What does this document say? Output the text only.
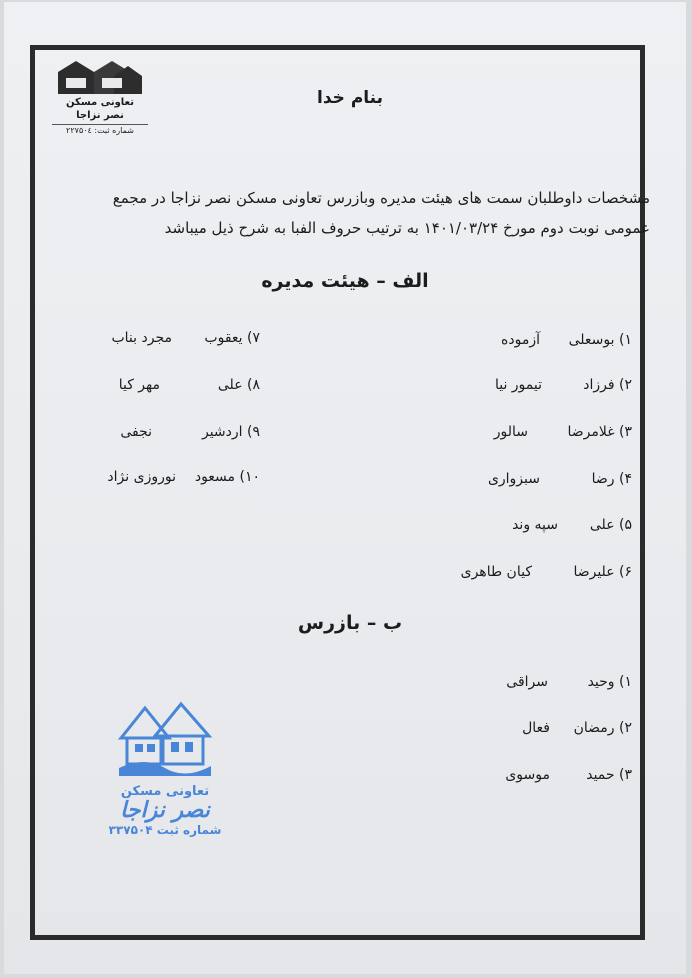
تعاونی مسکن
نصر نزاجا
شماره ثبت: ۲۲۷۵۰٤
بنام خدا
مشخصات داوطلبان سمت های هیئت مدیره وبازرس تعاونی مسکن نصر نزاجا در مجمع
عمومی نوبت دوم مورخ ۱۴۰۱/۰۳/۲۴ به ترتیب حروف الفبا به شرح ذیل میباشد
الف – هیئت مدیره
۱) بوسعلی
آزموده
۲) فرزاد
تیمور نیا
۳) غلامرضا
سالور
۴) رضا
سبزواری
۵) علی
سپه وند
۶) علیرضا
کیان طاهری
۷) یعقوب
مجرد بناب
۸) علی
مهر کیا
۹) اردشیر
نجفی
۱۰) مسعود
نوروزی نژاد
ب – بازرس
۱) وحید
سراقی
۲) رمضان
فعال
۳) حمید
موسوی
تعاونی مسکن
نصر نزاجا
شماره ثبت ۳۳۷۵۰۴
